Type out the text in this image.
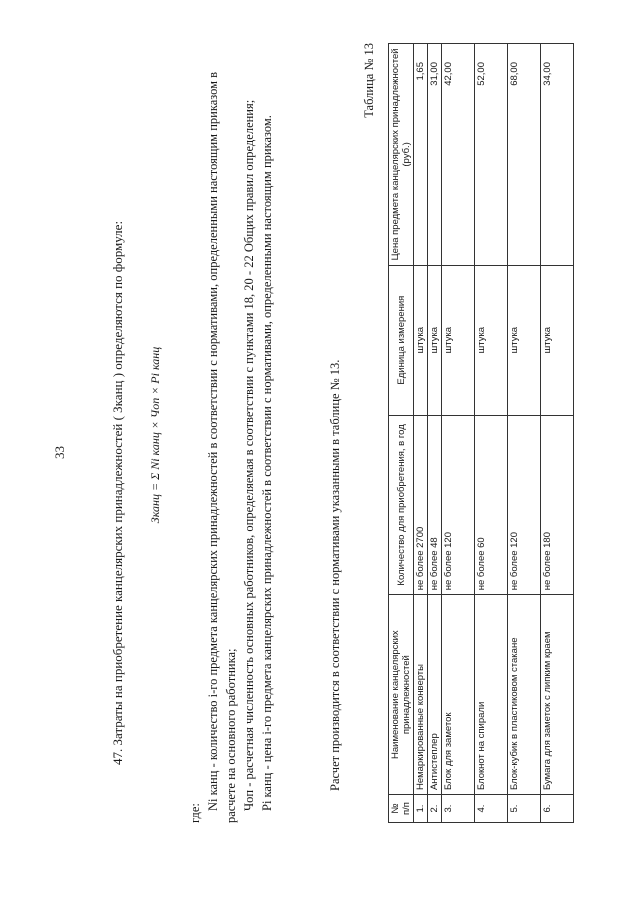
33	47. Затраты на приобретение канцелярских принадлежностей ( Зканц ) определяются по формуле: Зканц = Σ Ni канц × Чоп × Pi канц

где:

Ni канц - количество i-го предмета канцелярских принадлежностей в соответствии с нормативами, определенными настоящим приказом в расчете на основного работника; Чоп - расчетная численность основных работников, определяемая в соответствии с пунктами 18, 20 - 22 Общих правил определения; Pi канц - цена i-го предмета канцелярских принадлежностей в соответствии с нормативами, определенными настоящим приказом.	Расчет производится в соответствии с нормативами указанными в таблице № 13.
Таблица № 13
№ п/п	Наименование канцелярских принадлежностей	Количество для приобретения, в год	Единица измерения	Цена предмета канцелярских принадлежностей (руб.)
1.	Немаркированные конверты	не более 2700	штука	1,65
2.	Антистеплер	не более 48	штука	31,00
3.	Блок для заметок	не более 120	штука	42,00
4.	Блокнот на спирали	не более 60	штука	52,00
5.	Блок-кубик в пластиковом стакане	не более 120	штука	68,00
6.	Бумага для заметок с липким краем	не более 180	штука	34,00
